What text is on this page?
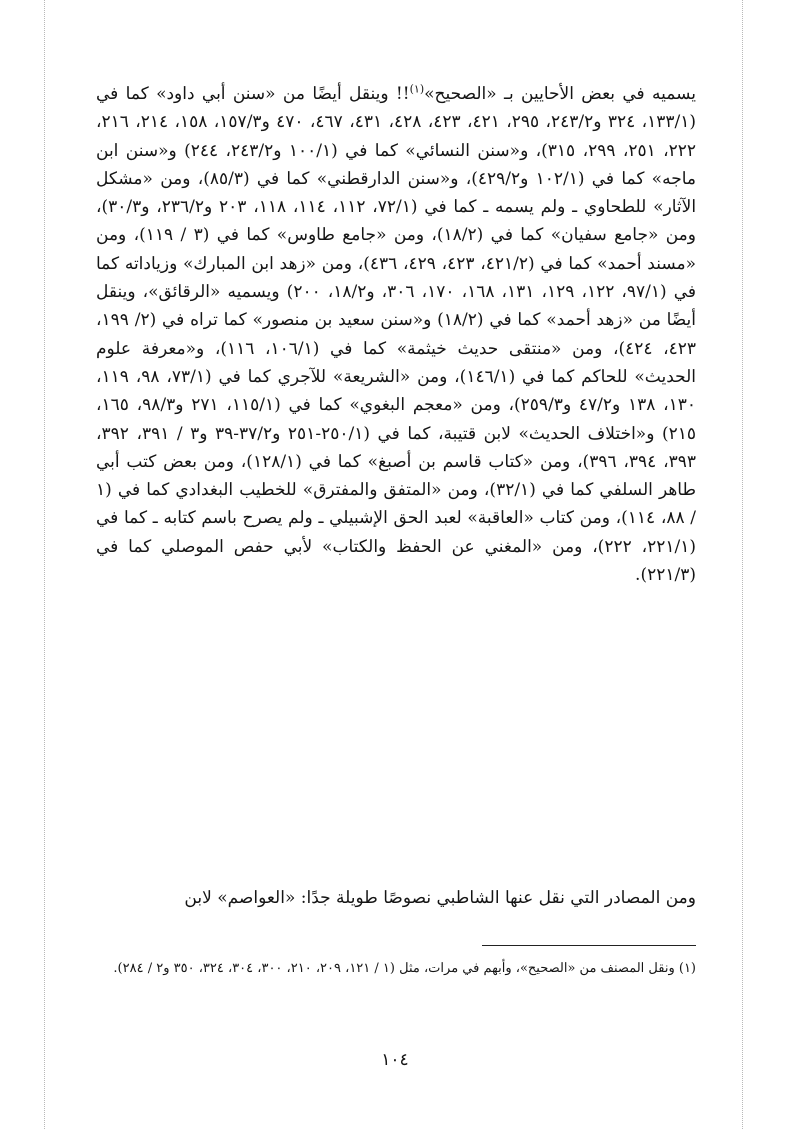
يسميه في بعض الأحايين بـ «الصحيح»$^{(١)}$!! وينقل أيضًا من «سنن أبي داود» كما في (١٣٣/١، ٣٢٤ و٢٤٣/٢، ٢٩٥، ٤٢١، ٤٢٣، ٤٢٨، ٤٣١، ٤٦٧، ٤٧٠ و١٥٧/٣، ١٥٨، ٢١٤، ٢١٦، ٢٢٢، ٢٥١، ٢٩٩، ٣١٥)، و«سنن النسائي» كما في (١٠٠/١ و٢٤٣/٢، ٢٤٤) و«سنن ابن ماجه» كما في (١٠٢/١ و٤٢٩/٢)، و«سنن الدارقطني» كما في (٨٥/٣)، ومن «مشكل الآثار» للطحاوي ـ ولم يسمه ـ كما في (٧٢/١، ١١٢، ١١٤، ١١٨، ٢٠٣ و٢٣٦/٢، و٣٠/٣)، ومن «جامع سفيان» كما في (١٨/٢)، ومن «جامع طاوس» كما في (٣ / ١١٩)، ومن «مسند أحمد» كما في (٤٢١/٢، ٤٢٣، ٤٢٩، ٤٣٦)، ومن «زهد ابن المبارك» وزياداته كما في (٩٧/١، ١٢٢، ١٢٩، ١٣١، ١٦٨، ١٧٠، ٣٠٦، و١٨/٢، ٢٠٠) ويسميه «الرقائق»، وينقل أيضًا من «زهد أحمد» كما في (١٨/٢) و«سنن سعيد بن منصور» كما تراه في (٢/ ١٩٩، ٤٢٣، ٤٢٤)، ومن «منتقى حديث خيثمة» كما في (١٠٦/١، ١١٦)، و«معرفة علوم الحديث» للحاكم كما في (١٤٦/١)، ومن «الشريعة» للآجري كما في (٧٣/١، ٩٨، ١١٩، ١٣٠، ١٣٨ و٤٧/٢ و٢٥٩/٣)، ومن «معجم البغوي» كما في (١١٥/١، ٢٧١ و٩٨/٣، ١٦٥، ٢١٥) و«اختلاف الحديث» لابن قتيبة، كما في (٢٥٠/١-٢٥١ و٣٧/٢-٣٩ و٣ / ٣٩١، ٣٩٢، ٣٩٣، ٣٩٤، ٣٩٦)، ومن «كتاب قاسم بن أصبغ» كما في (١٢٨/١)، ومن بعض كتب أبي طاهر السلفي كما في (٣٢/١)، ومن «المتفق والمفترق» للخطيب البغدادي كما في (١ / ٨٨، ١١٤)، ومن كتاب «العاقبة» لعبد الحق الإشبيلي ـ ولم يصرح باسم كتابه ـ كما في (٢٢١/١، ٢٢٢)، ومن «المغني عن الحفظ والكتاب» لأبي حفص الموصلي كما في (٢٢١/٣).

ومن المصادر التي نقل عنها الشاطبي نصوصًا طويلة جدًا: «العواصم» لابن

(١) ونقل المصنف من «الصحيح»، وأبهم في مرات، مثل (١ / ١٢١، ٢٠٩، ٢١٠، ٣٠٠، ٣٠٤، ٣٢٤، ٣٥٠ و٢ / ٢٨٤).

١٠٤
